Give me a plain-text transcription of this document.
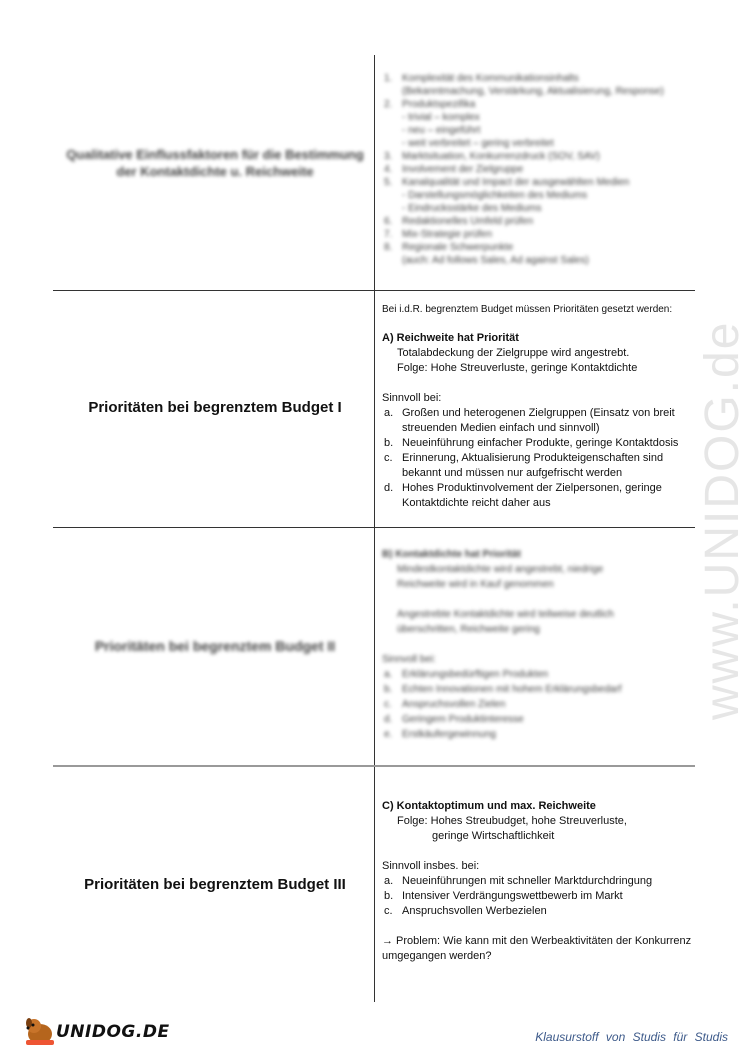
www.UNIDOG.de
Qualitative Einflussfaktoren für die Bestimmung der Kontaktdichte u. Reichweite
1. Komplexität des Kommunikationsinhalts
(Bekanntmachung, Verstärkung, Aktualisierung, Response)
2. Produktspezifika
- trivial – komplex
- neu – eingeführt
- weit verbreitet – gering verbreitet
3. Marktsituation, Konkurrenzdruck (SOV, SAV)
4. Involvement der Zielgruppe
5. Kanalqualität und Impact der ausgewählten Medien
- Darstellungsmöglichkeiten des Mediums
- Eindrucksstärke des Mediums
6. Redaktionelles Umfeld prüfen
7. Mix-Strategie prüfen
8. Regionale Schwerpunkte
(auch: Ad follows Sales, Ad against Sales)
Prioritäten bei begrenztem Budget I
Bei i.d.R. begrenztem Budget müssen Prioritäten gesetzt werden:
A) Reichweite hat Priorität
Totalabdeckung der Zielgruppe wird angestrebt.
Folge: Hohe Streuverluste, geringe Kontaktdichte
Sinnvoll bei:
a. Großen und heterogenen Zielgruppen (Einsatz von breit streuenden Medien einfach und sinnvoll)
b. Neueinführung einfacher Produkte, geringe Kontaktdosis
c. Erinnerung, Aktualisierung Produkteigenschaften sind bekannt und müssen nur aufgefrischt werden
d. Hohes Produktinvolvement der Zielpersonen, geringe Kontaktdichte reicht daher aus
Prioritäten bei begrenztem Budget II
B) Kontaktdichte hat Priorität
Mindestkontaktdichte wird angestrebt, niedrige
Reichweite wird in Kauf genommen
Angestrebte Kontaktdichte wird teilweise deutlich
überschritten, Reichweite gering
Sinnvoll bei:
a. Erklärungsbedürftigen Produkten
b. Echten Innovationen mit hohem Erklärungsbedarf
c. Anspruchsvollen Zielen
d. Geringem Produktinteresse
e. Erstkäufergewinnung
Prioritäten bei begrenztem Budget III
C) Kontaktoptimum und max. Reichweite
Folge: Hohes Streubudget, hohe Streuverluste,
geringe Wirtschaftlichkeit
Sinnvoll insbes. bei:
a. Neueinführungen mit schneller Marktdurchdringung
b. Intensiver Verdrängungswettbewerb im Markt
c. Anspruchsvollen Werbezielen
→ Problem: Wie kann mit den Werbeaktivitäten der Konkurrenz umgegangen werden?
UNIDOG.DE	Klausurstoff von Studis für Studis
